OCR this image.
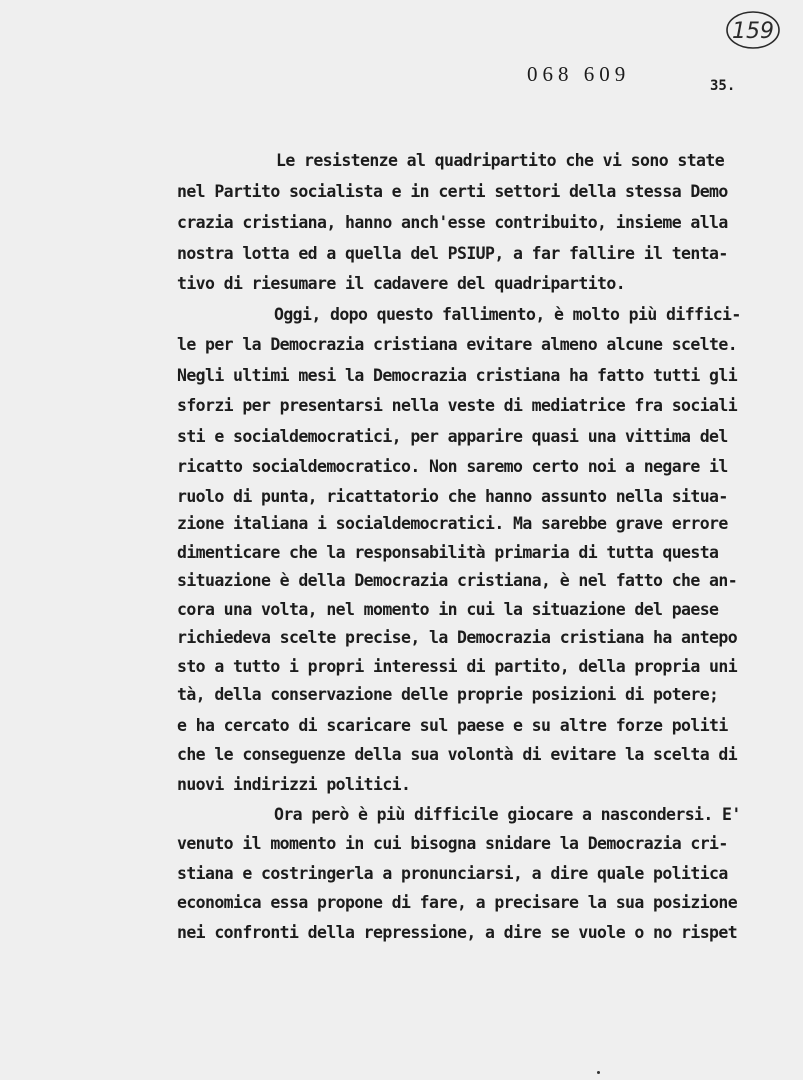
159
068 609	35.
Le resistenze al quadripartito che vi sono state
nel Partito socialista e in certi settori della stessa Demo
crazia cristiana, hanno anch'esse contribuito, insieme alla
nostra lotta ed a quella del PSIUP, a far fallire il tenta-
tivo di riesumare il cadavere del quadripartito.
Oggi, dopo questo fallimento, è molto più diffici-
le per la Democrazia cristiana evitare almeno alcune scelte.
Negli ultimi mesi la Democrazia cristiana ha fatto tutti gli
sforzi per presentarsi nella veste di mediatrice fra sociali
sti e socialdemocratici, per apparire quasi una vittima del
ricatto socialdemocratico. Non saremo certo noi a negare il
ruolo di punta, ricattatorio che hanno assunto nella situa-
zione italiana i socialdemocratici. Ma sarebbe grave errore
dimenticare che la responsabilità primaria di tutta questa
situazione è della Democrazia cristiana, è nel fatto che an-
cora una volta, nel momento in cui la situazione del paese
richiedeva scelte precise, la Democrazia cristiana ha antepo
sto a tutto i propri interessi di partito, della propria uni
tà, della conservazione delle proprie posizioni di potere;
e ha cercato di scaricare sul paese e su altre forze politi
che le conseguenze della sua volontà di evitare la scelta di
nuovi indirizzi politici.
Ora però è più difficile giocare a nascondersi. E'
venuto il momento in cui bisogna snidare la Democrazia cri-
stiana e costringerla a pronunciarsi, a dire quale politica
economica essa propone di fare, a precisare la sua posizione
nei confronti della repressione, a dire se vuole o no rispet
